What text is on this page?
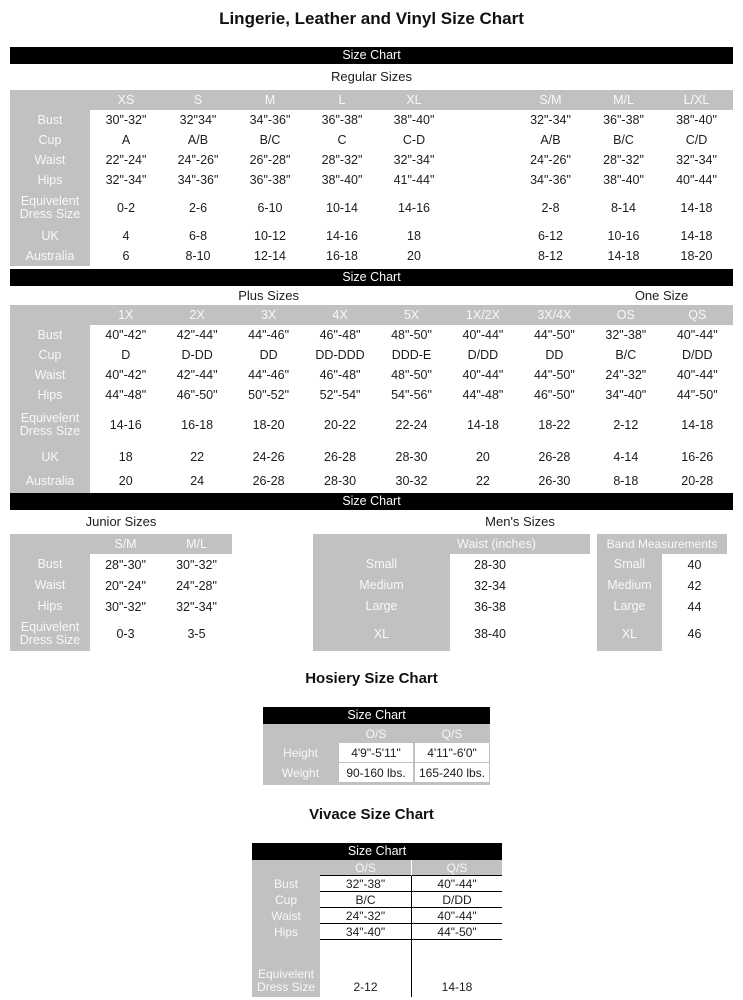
Lingerie, Leather and Vinyl Size Chart
Size Chart
Regular Sizes
XS	S	M	L	XL	S/M	M/L	L/XL
Bust	30"-32"	32"34"	34"-36"	36"-38"	38"-40"	32"-34"	36"-38"	38"-40"
Cup	A	A/B	B/C	C	C-D	A/B	B/C	C/D
Waist	22"-24"	24"-26"	26"-28"	28"-32"	32"-34"	24"-26"	28"-32"	32"-34"
Hips	32"-34"	34"-36"	36"-38"	38"-40"	41"-44"	34"-36"	38"-40"	40"-44"
Equivelent Dress Size	0-2	2-6	6-10	10-14	14-16	2-8	8-14	14-18
UK	4	6-8	10-12	14-16	18	6-12	10-16	14-18
Australia	6	8-10	12-14	16-18	20	8-12	14-18	18-20
Size Chart
Plus Sizes	One Size
1X	2X	3X	4X	5X	1X/2X	3X/4X	OS	QS
Bust	40"-42"	42"-44"	44"-46"	46"-48"	48"-50"	40"-44"	44"-50"	32"-38"	40"-44"
Cup	D	D-DD	DD	DD-DDD	DDD-E	D/DD	DD	B/C	D/DD
Waist	40"-42"	42"-44"	44"-46"	46"-48"	48"-50"	40"-44"	44"-50"	24"-32"	40"-44"
Hips	44"-48"	46"-50"	50"-52"	52"-54"	54"-56"	44"-48"	46"-50"	34"-40"	44"-50"
Equivelent Dress Size	14-16	16-18	18-20	20-22	22-24	14-18	18-22	2-12	14-18
UK	18	22	24-26	26-28	28-30	20	26-28	4-14	16-26
Australia	20	24	26-28	28-30	30-32	22	26-30	8-18	20-28
Size Chart
Junior Sizes	Men's Sizes
S/M	M/L
Bust	28"-30"	30"-32"
Waist	20"-24"	24"-28"
Hips	30"-32"	32"-34"
Equivelent Dress Size	0-3	3-5
Waist (inches)
Small	28-30
Medium	32-34
Large	36-38
XL	38-40
Band Measurements
Small	40
Medium	42
Large	44
XL	46
Hosiery Size Chart
Size Chart
O/S	Q/S
Height	4'9"-5'11"	4'11"-6'0"
Weight	90-160 lbs.	165-240 lbs.
Vivace Size Chart
Size Chart
O/S	Q/S
Bust	32"-38"	40"-44"
Cup	B/C	D/DD
Waist	24"-32"	40"-44"
Hips	34"-40"	44"-50"
Equivelent Dress Size	2-12	14-18
